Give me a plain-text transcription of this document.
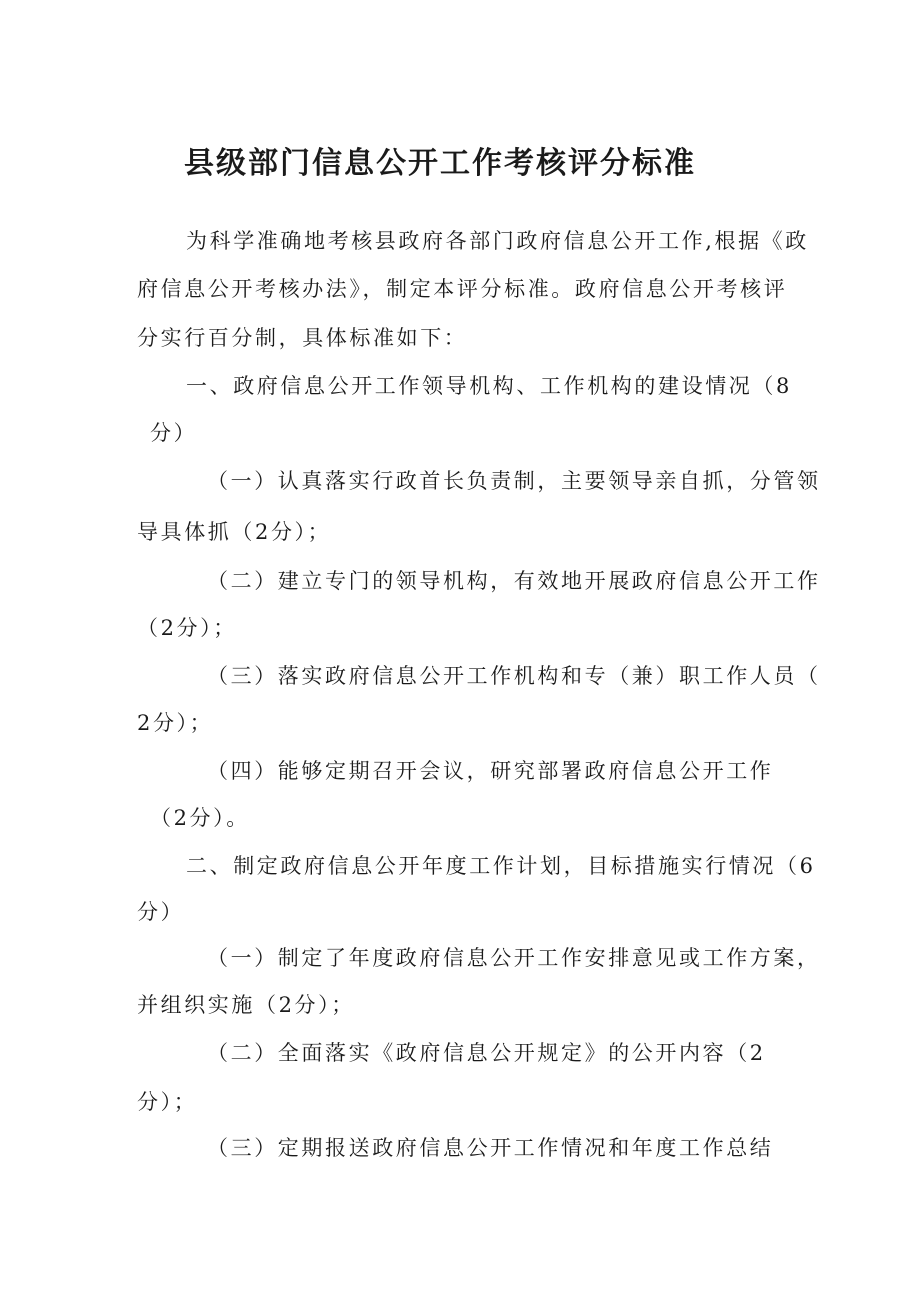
县级部门信息公开工作考核评分标准

为科学准确地考核县政府各部门政府信息公开工作,根据《政

府信息公开考核办法》，制定本评分标准。政府信息公开考核评

分实行百分制，具体标准如下：

一、政府信息公开工作领导机构、工作机构的建设情况（8

分）

（一）认真落实行政首长负责制，主要领导亲自抓，分管领

导具体抓（2分）；

（二）建立专门的领导机构，有效地开展政府信息公开工作

（2分）；

（三）落实政府信息公开工作机构和专（兼）职工作人员（

2分）；

（四）能够定期召开会议，研究部署政府信息公开工作

（2分）。

二、制定政府信息公开年度工作计划，目标措施实行情况（6

分）

（一）制定了年度政府信息公开工作安排意见或工作方案，

并组织实施（2分）；

（二）全面落实《政府信息公开规定》的公开内容（2

分）；

（三）定期报送政府信息公开工作情况和年度工作总结
